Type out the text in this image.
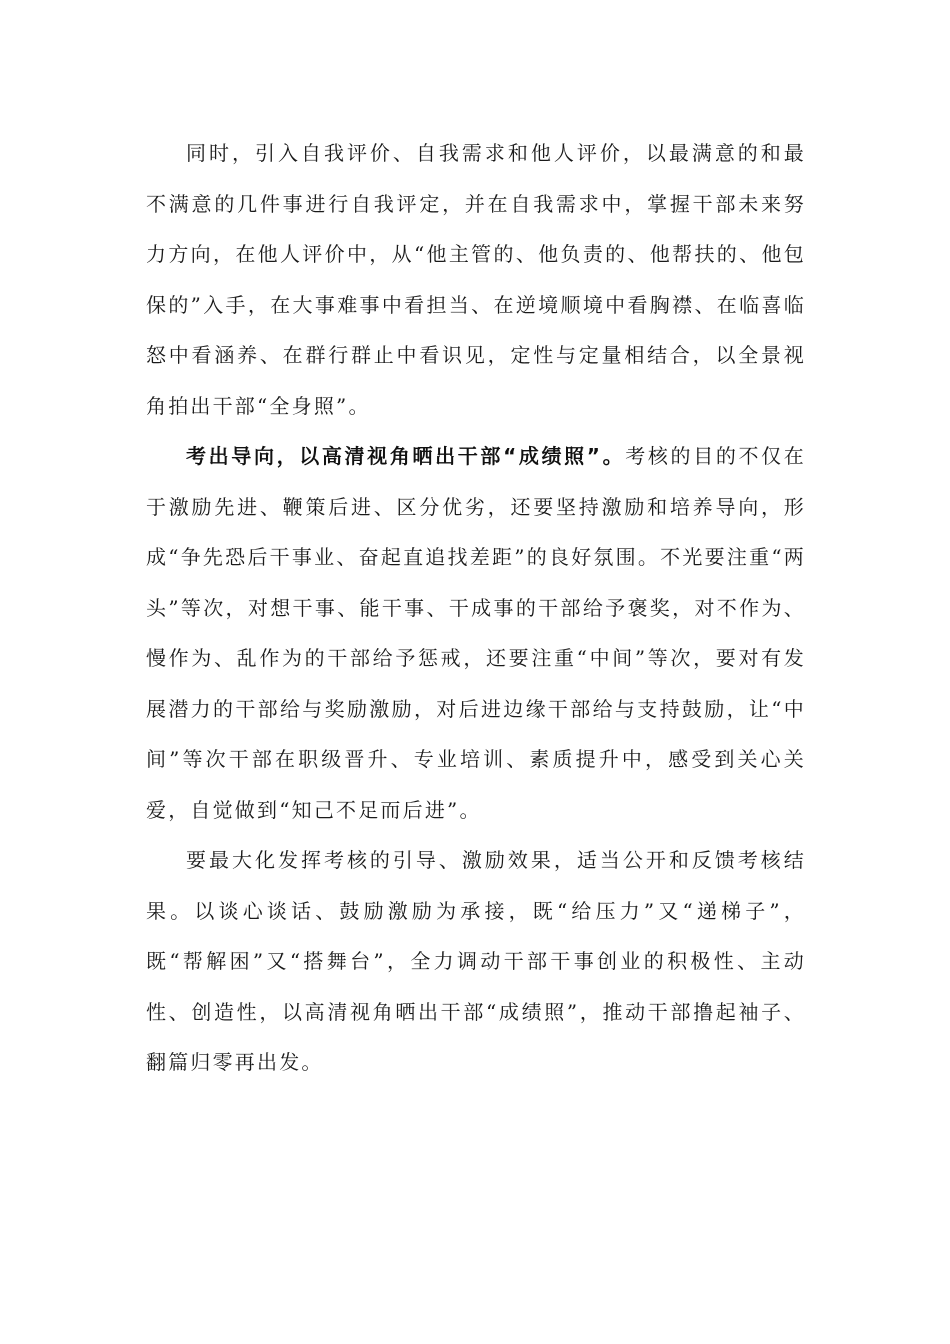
同时，引入自我评价、自我需求和他人评价，以最满意的和最不满意的几件事进行自我评定，并在自我需求中，掌握干部未来努力方向，在他人评价中，从“他主管的、他负责的、他帮扶的、他包保的”入手，在大事难事中看担当、在逆境顺境中看胸襟、在临喜临怒中看涵养、在群行群止中看识见，定性与定量相结合，以全景视角拍出干部“全身照”。

考出导向，以高清视角晒出干部“成绩照”。考核的目的不仅在于激励先进、鞭策后进、区分优劣，还要坚持激励和培养导向，形成“争先恐后干事业、奋起直追找差距”的良好氛围。不光要注重“两头”等次，对想干事、能干事、干成事的干部给予褒奖，对不作为、慢作为、乱作为的干部给予惩戒，还要注重“中间”等次，要对有发展潜力的干部给与奖励激励，对后进边缘干部给与支持鼓励，让“中间”等次干部在职级晋升、专业培训、素质提升中，感受到关心关爱，自觉做到“知己不足而后进”。

要最大化发挥考核的引导、激励效果，适当公开和反馈考核结果。以谈心谈话、鼓励激励为承接，既“给压力”又“递梯子”，既“帮解困”又“搭舞台”，全力调动干部干事创业的积极性、主动性、创造性，以高清视角晒出干部“成绩照”，推动干部撸起袖子、翻篇归零再出发。
